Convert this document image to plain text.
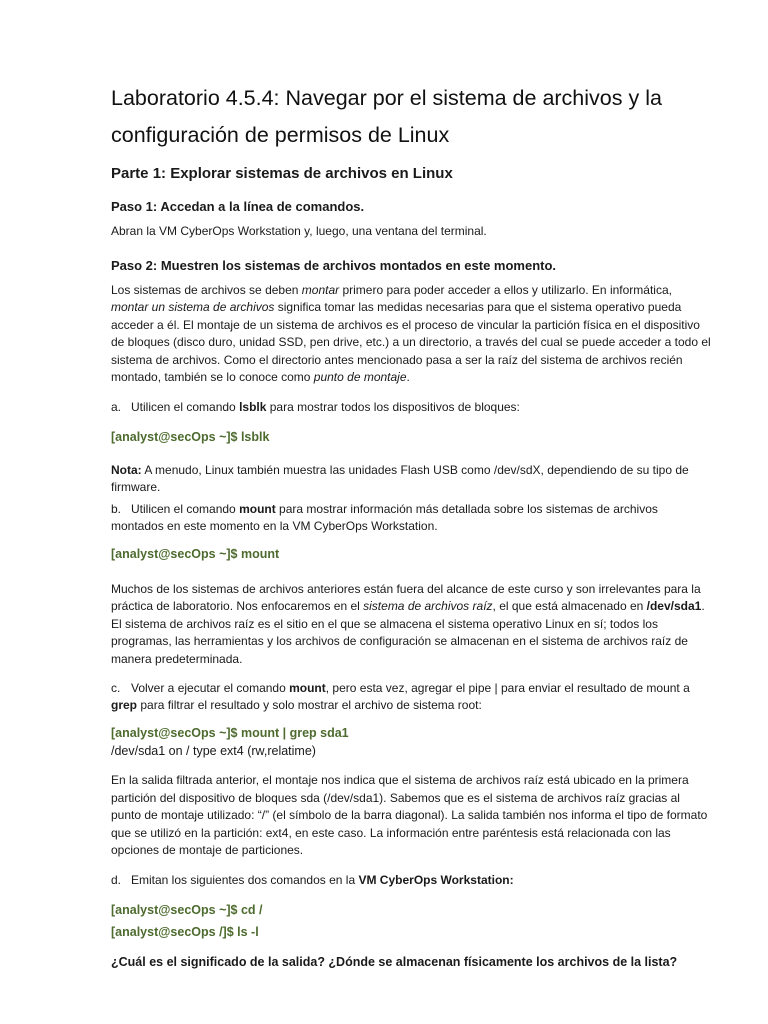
Laboratorio 4.5.4: Navegar por el sistema de archivos y la configuración de permisos de Linux
Parte 1: Explorar sistemas de archivos en Linux
Paso 1: Accedan a la línea de comandos.

Abran la VM CyberOps Workstation y, luego, una ventana del terminal.

Paso 2: Muestren los sistemas de archivos montados en este momento.

Los sistemas de archivos se deben montar primero para poder acceder a ellos y utilizarlo. En informática, montar un sistema de archivos significa tomar las medidas necesarias para que el sistema operativo pueda acceder a él. El montaje de un sistema de archivos es el proceso de vincular la partición física en el dispositivo de bloques (disco duro, unidad SSD, pen drive, etc.) a un directorio, a través del cual se puede acceder a todo el sistema de archivos. Como el directorio antes mencionado pasa a ser la raíz del sistema de archivos recién montado, también se lo conoce como punto de montaje.

a. Utilicen el comando lsblk para mostrar todos los dispositivos de bloques:

[analyst@secOps ~]$ lsblk

Nota: A menudo, Linux también muestra las unidades Flash USB como /dev/sdX, dependiendo de su tipo de firmware.

b. Utilicen el comando mount para mostrar información más detallada sobre los sistemas de archivos montados en este momento en la VM CyberOps Workstation.

[analyst@secOps ~]$ mount

Muchos de los sistemas de archivos anteriores están fuera del alcance de este curso y son irrelevantes para la práctica de laboratorio. Nos enfocaremos en el sistema de archivos raíz, el que está almacenado en /dev/sda1. El sistema de archivos raíz es el sitio en el que se almacena el sistema operativo Linux en sí; todos los programas, las herramientas y los archivos de configuración se almacenan en el sistema de archivos raíz de manera predeterminada.

c. Volver a ejecutar el comando mount, pero esta vez, agregar el pipe | para enviar el resultado de mount a grep para filtrar el resultado y solo mostrar el archivo de sistema root:

[analyst@secOps ~]$ mount | grep sda1

/dev/sda1 on / type ext4 (rw,relatime)

En la salida filtrada anterior, el montaje nos indica que el sistema de archivos raíz está ubicado en la primera partición del dispositivo de bloques sda (/dev/sda1). Sabemos que es el sistema de archivos raíz gracias al punto de montaje utilizado: “/” (el símbolo de la barra diagonal). La salida también nos informa el tipo de formato que se utilizó en la partición: ext4, en este caso. La información entre paréntesis está relacionada con las opciones de montaje de particiones.

d. Emitan los siguientes dos comandos en la VM CyberOps Workstation:

[analyst@secOps ~]$ cd /

[analyst@secOps /]$ ls -l

¿Cuál es el significado de la salida? ¿Dónde se almacenan físicamente los archivos de la lista?
